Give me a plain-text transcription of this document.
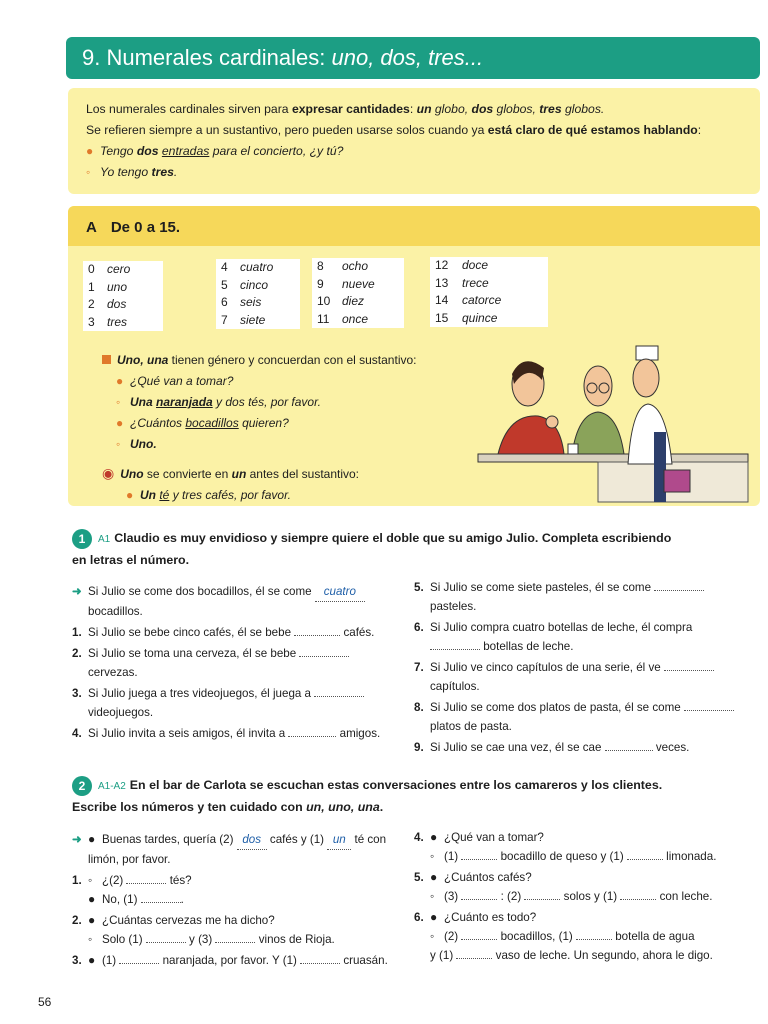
9. Numerales cardinales: uno, dos, tres...
Los numerales cardinales sirven para expresar cantidades: un globo, dos globos, tres globos.
Se refieren siempre a un sustantivo, pero pueden usarse solos cuando ya está claro de qué estamos hablando:
● Tengo dos entradas para el concierto, ¿y tú?
◦ Yo tengo tres.
A De 0 a 15.
0	cero
1	uno
2	dos
3	tres
4	cuatro
5	cinco
6	seis
7	siete
8	ocho
9	nueve
10 diez
11	once
12	doce
13	trece
14	catorce
15	quince
Uno, una tienen género y concuerdan con el sustantivo:
● ¿Qué van a tomar?
◦ Una naranjada y dos tés, por favor.
● ¿Cuántos bocadillos quieren?
◦ Uno.
◉ Uno se convierte en un antes del sustantivo:
● Un té y tres cafés, por favor.
1 A1 Claudio es muy envidioso y siempre quiere el doble que su amigo Julio. Completa escribiendo
en letras el número.
➜ Si Julio se come dos bocadillos, él se come cuatro
bocadillos.
1. Si Julio se bebe cinco cafés, él se bebe	cafés.
2. Si Julio se toma una cerveza, él se bebe
cervezas.
3. Si Julio juega a tres videojuegos, él juega a
videojuegos.
4. Si Julio invita a seis amigos, él invita a	amigos.
5. Si Julio se come siete pasteles, él se come
pasteles.
6. Si Julio compra cuatro botellas de leche, él compra
botellas de leche.
7. Si Julio ve cinco capítulos de una serie, él ve
capítulos.
8. Si Julio se come dos platos de pasta, él se come
platos de pasta.
9. Si Julio se cae una vez, él se cae	veces.
2 A1-A2 En el bar de Carlota se escuchan estas conversaciones entre los camareros y los clientes.
Escribe los números y ten cuidado con un, uno, una.
➜ ● Buenas tardes, quería (2) dos cafés y (1) un té con
limón, por favor.
1. ◦ ¿(2)	tés?
● No, (1)	.
2. ● ¿Cuántas cervezas me ha dicho?
◦ Solo (1)	y (3)	vinos de Rioja.
3. ● (1)	naranjada, por favor. Y (1)	cruasán.
4. ● ¿Qué van a tomar?
◦ (1)	bocadillo de queso y (1)	limonada.
5. ● ¿Cuántos cafés?
◦ (3)	: (2)	solos y (1)	con leche.
6. ● ¿Cuánto es todo?
◦ (2)	bocadillos, (1)	botella de agua
y (1)	vaso de leche. Un segundo, ahora le digo.
56
